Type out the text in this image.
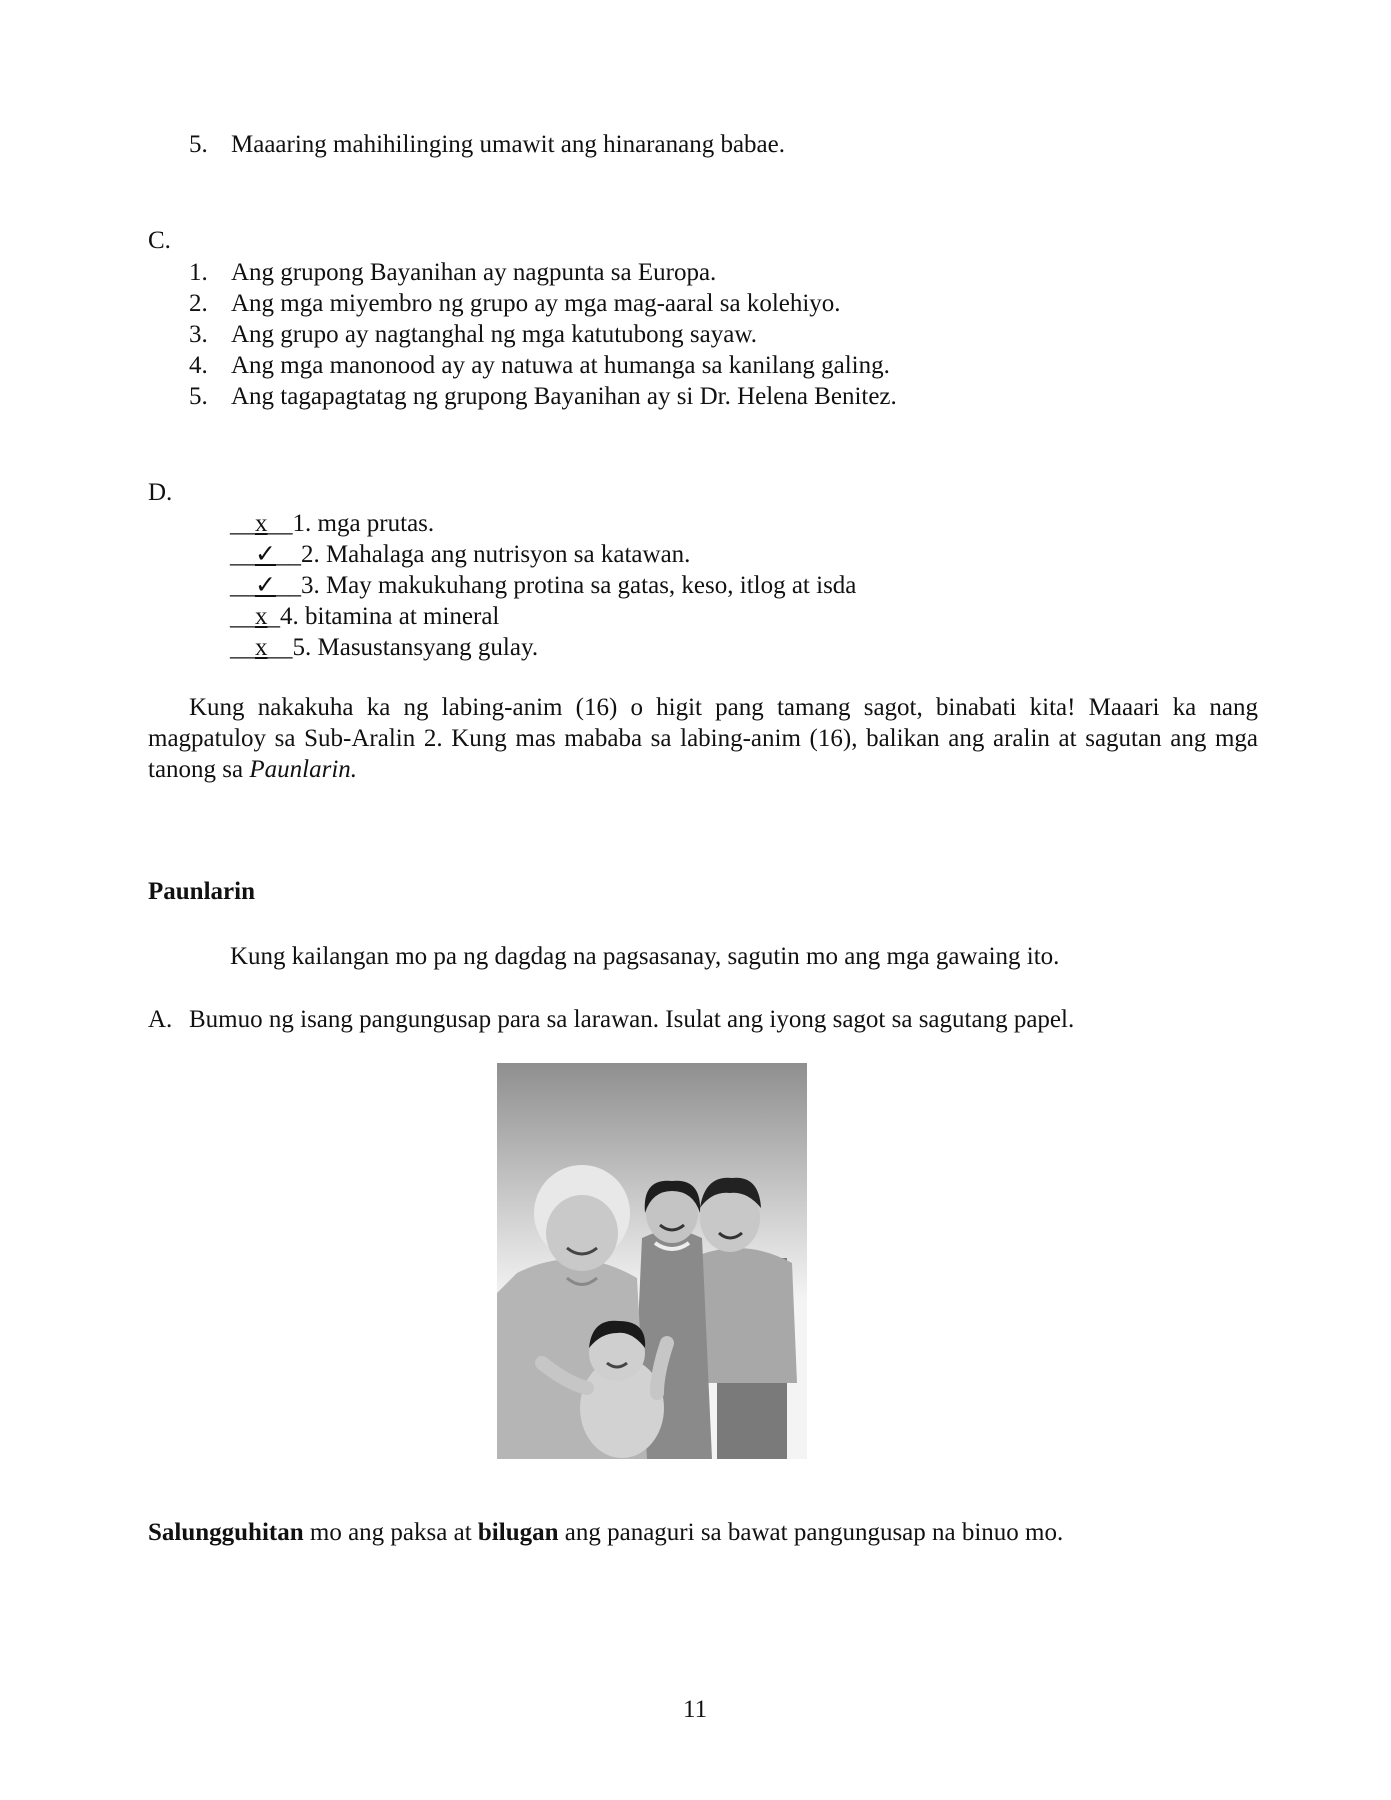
5. Maaaring mahihilinging umawit ang hinaranang babae.
C.
1. Ang grupong Bayanihan ay nagpunta sa Europa.
2. Ang mga miyembro ng grupo ay mga mag-aaral sa kolehiyo.
3. Ang grupo ay nagtanghal ng mga katutubong sayaw.
4. Ang mga manonood ay ay natuwa at humanga sa kanilang galing.
5. Ang tagapagtatag ng grupong Bayanihan ay si Dr. Helena Benitez.
D.
__x__1. mga prutas.
__✓__2. Mahalaga ang nutrisyon sa katawan.
__✓__3. May makukuhang protina sa gatas, keso, itlog at isda
__x_4. bitamina at mineral
__x__5. Masustansyang gulay.
Kung nakakuha ka ng labing-anim (16) o higit pang tamang sagot, binabati kita! Maaari ka nang magpatuloy sa Sub-Aralin 2. Kung mas mababa sa labing-anim (16), balikan ang aralin at sagutan ang mga tanong sa Paunlarin.
Paunlarin
Kung kailangan mo pa ng dagdag na pagsasanay, sagutin mo ang mga gawaing ito.
A. Bumuo ng isang pangungusap para sa larawan. Isulat ang iyong sagot sa sagutang papel.
Salungguhitan mo ang paksa at bilugan ang panaguri sa bawat pangungusap na binuo mo.
11
